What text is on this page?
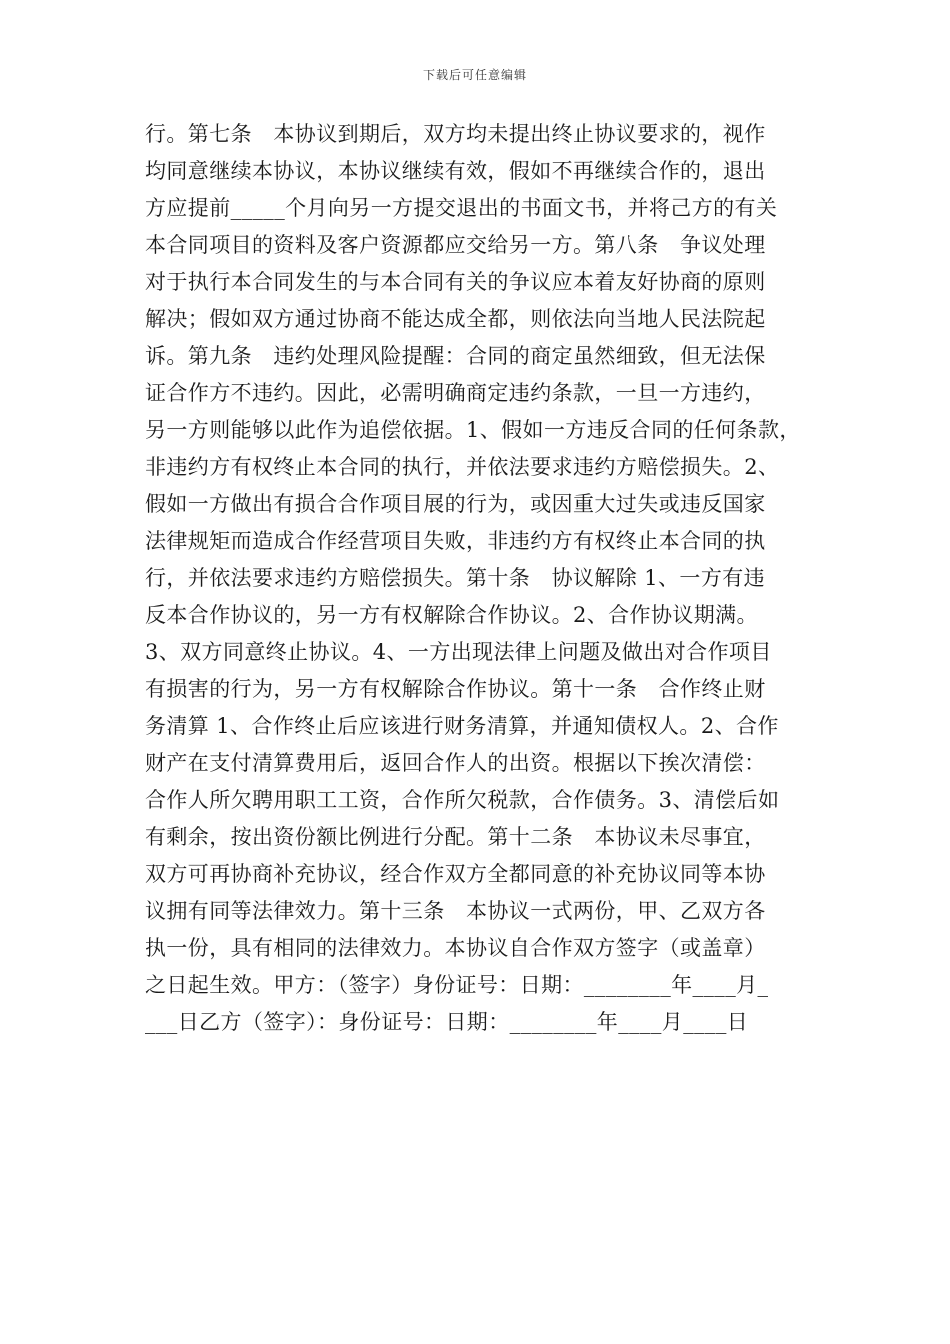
下载后可任意编辑
行。第七条　本协议到期后，双方均未提出终止协议要求的，视作
均同意继续本协议，本协议继续有效，假如不再继续合作的，退出
方应提前_____个月向另一方提交退出的书面文书，并将己方的有关
本合同项目的资料及客户资源都应交给另一方。第八条　争议处理
对于执行本合同发生的与本合同有关的争议应本着友好协商的原则
解决；假如双方通过协商不能达成全都，则依法向当地人民法院起
诉。第九条　违约处理风险提醒：合同的商定虽然细致，但无法保
证合作方不违约。因此，必需明确商定违约条款，一旦一方违约，
另一方则能够以此作为追偿依据。1、假如一方违反合同的任何条款，
非违约方有权终止本合同的执行，并依法要求违约方赔偿损失。2、
假如一方做出有损合合作项目展的行为，或因重大过失或违反国家
法律规矩而造成合作经营项目失败，非违约方有权终止本合同的执
行，并依法要求违约方赔偿损失。第十条　协议解除 1、一方有违
反本合作协议的，另一方有权解除合作协议。2、合作协议期满。
3、双方同意终止协议。4、一方出现法律上问题及做出对合作项目
有损害的行为，另一方有权解除合作协议。第十一条　合作终止财
务清算 1、合作终止后应该进行财务清算，并通知债权人。2、合作
财产在支付清算费用后，返回合作人的出资。根据以下挨次清偿：
合作人所欠聘用职工工资，合作所欠税款，合作债务。3、清偿后如
有剩余，按出资份额比例进行分配。第十二条　本协议未尽事宜，
双方可再协商补充协议，经合作双方全都同意的补充协议同等本协
议拥有同等法律效力。第十三条　本协议一式两份，甲、乙双方各
执一份，具有相同的法律效力。本协议自合作双方签字（或盖章）
之日起生效。甲方：（签字）身份证号：日期：________年____月_
___日乙方（签字）：身份证号：日期：________年____月____日
